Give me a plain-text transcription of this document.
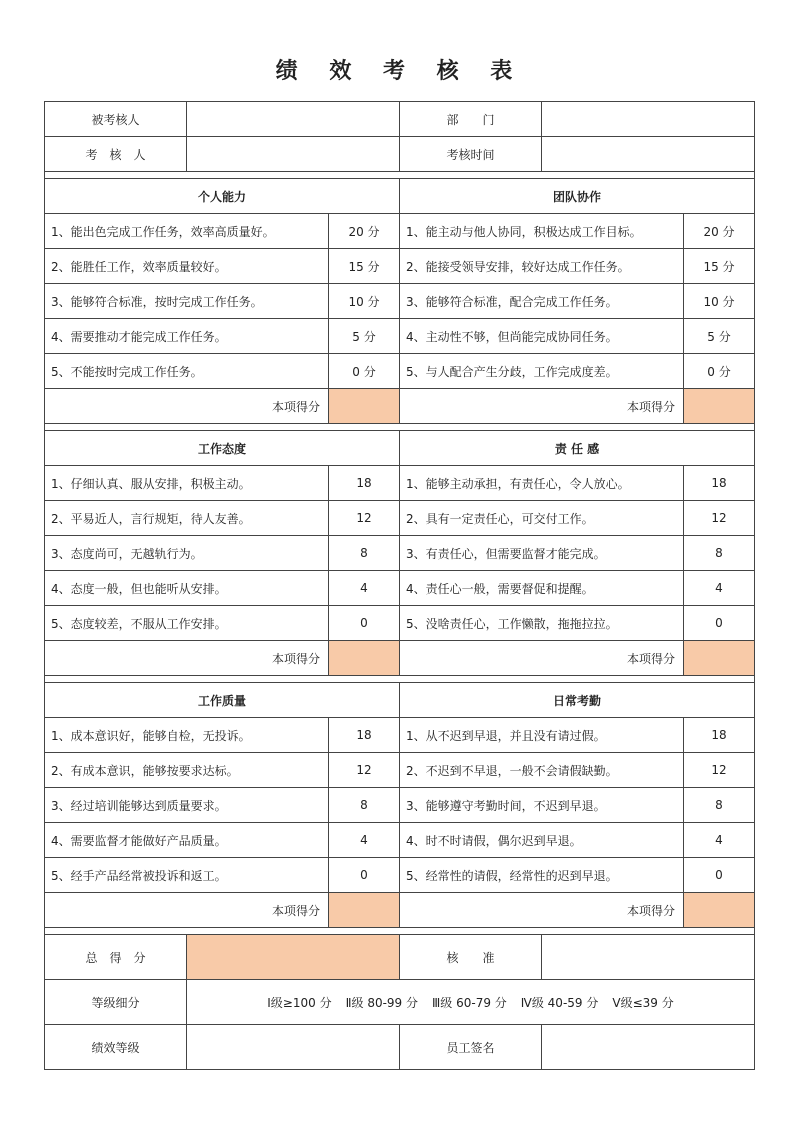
绩 效 考 核 表
被考核人			部　　门		
考　核　人			考核时间		

个人能力			团队协作		
1、能出色完成工作任务，效率高质量好。		20 分	1、能主动与他人协同，积极达成工作目标。		20 分
2、能胜任工作，效率质量较好。		15 分	2、能接受领导安排，较好达成工作任务。		15 分
3、能够符合标准，按时完成工作任务。		10 分	3、能够符合标准，配合完成工作任务。		10 分
4、需要推动才能完成工作任务。		5 分	4、主动性不够，但尚能完成协同任务。		5 分
5、不能按时完成工作任务。		0 分	5、与人配合产生分歧，工作完成度差。		0 分
本项得分			本项得分		

工作态度			责 任 感		
1、仔细认真、服从安排，积极主动。		18	1、能够主动承担，有责任心，令人放心。		18
2、平易近人，言行规矩，待人友善。		12	2、具有一定责任心，可交付工作。		12
3、态度尚可，无越轨行为。		8	3、有责任心，但需要监督才能完成。		8
4、态度一般，但也能听从安排。		4	4、责任心一般，需要督促和提醒。		4
5、态度较差，不服从工作安排。		0	5、没啥责任心，工作懒散，拖拖拉拉。		0
本项得分			本项得分		

工作质量			日常考勤		
1、成本意识好，能够自检，无投诉。		18	1、从不迟到早退，并且没有请过假。		18
2、有成本意识，能够按要求达标。		12	2、不迟到不早退，一般不会请假缺勤。		12
3、经过培训能够达到质量要求。		8	3、能够遵守考勤时间，不迟到早退。		8
4、需要监督才能做好产品质量。		4	4、时不时请假，偶尔迟到早退。		4
5、经手产品经常被投诉和返工。		0	5、经常性的请假，经常性的迟到早退。		0
本项得分			本项得分		

总　得　分			核　　准		
等级细分	Ⅰ级≥100 分 Ⅱ级 80-99 分 Ⅲ级 60-79 分 Ⅳ级 40-59 分 Ⅴ级≤39 分				
绩效等级			员工签名		
